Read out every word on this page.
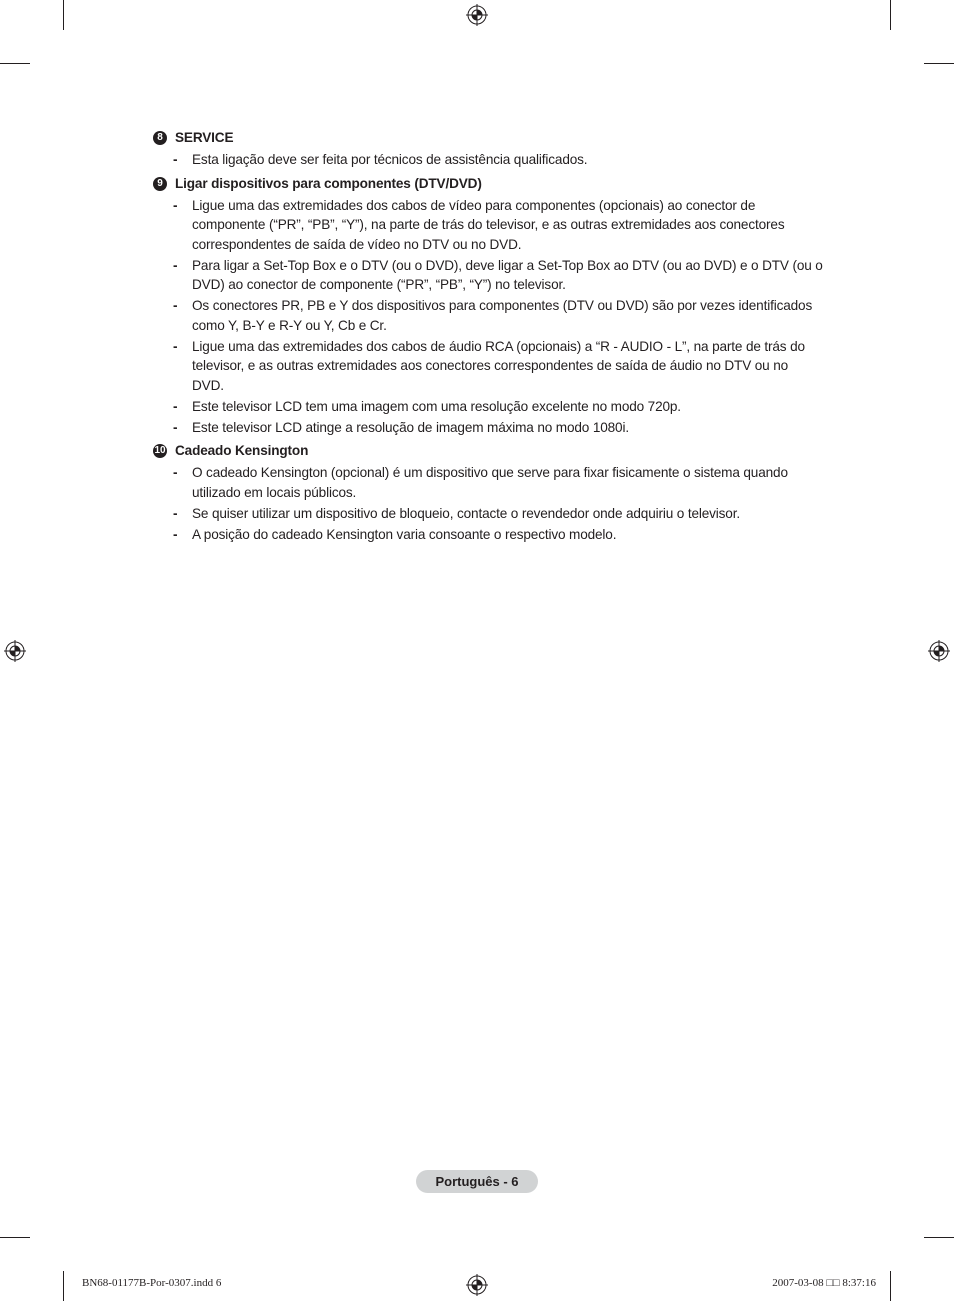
8 SERVICE
-	Esta ligação deve ser feita por técnicos de assistência qualificados.
9 Ligar dispositivos para componentes (DTV/DVD)
-	Ligue uma das extremidades dos cabos de vídeo para componentes (opcionais) ao conector de componente (“PR”, “PB”, “Y”), na parte de trás do televisor, e as outras extremidades aos conectores correspondentes de saída de vídeo no DTV ou no DVD.
-	Para ligar a Set-Top Box e o DTV (ou o DVD), deve ligar a Set-Top Box ao DTV (ou ao DVD) e o DTV (ou o DVD) ao conector de componente (“PR”, “PB”, “Y”) no televisor.
-	Os conectores PR, PB e Y dos dispositivos para componentes (DTV ou DVD) são por vezes identificados como Y, B-Y e R-Y ou Y, Cb e Cr.
-	Ligue uma das extremidades dos cabos de áudio RCA (opcionais) a “R - AUDIO - L”, na parte de trás do televisor, e as outras extremidades aos conectores correspondentes de saída de áudio no DTV ou no DVD.
-	Este televisor LCD tem uma imagem com uma resolução excelente no modo 720p.
-	Este televisor LCD atinge a resolução de imagem máxima no modo 1080i.
10 Cadeado Kensington
-	O cadeado Kensington (opcional) é um dispositivo que serve para fixar fisicamente o sistema quando utilizado em locais públicos.
-	Se quiser utilizar um dispositivo de bloqueio, contacte o revendedor onde adquiriu o televisor.
-	A posição do cadeado Kensington varia consoante o respectivo modelo.
Português - 6
BN68-01177B-Por-0307.indd 6	2007-03-08 □□ 8:37:16
